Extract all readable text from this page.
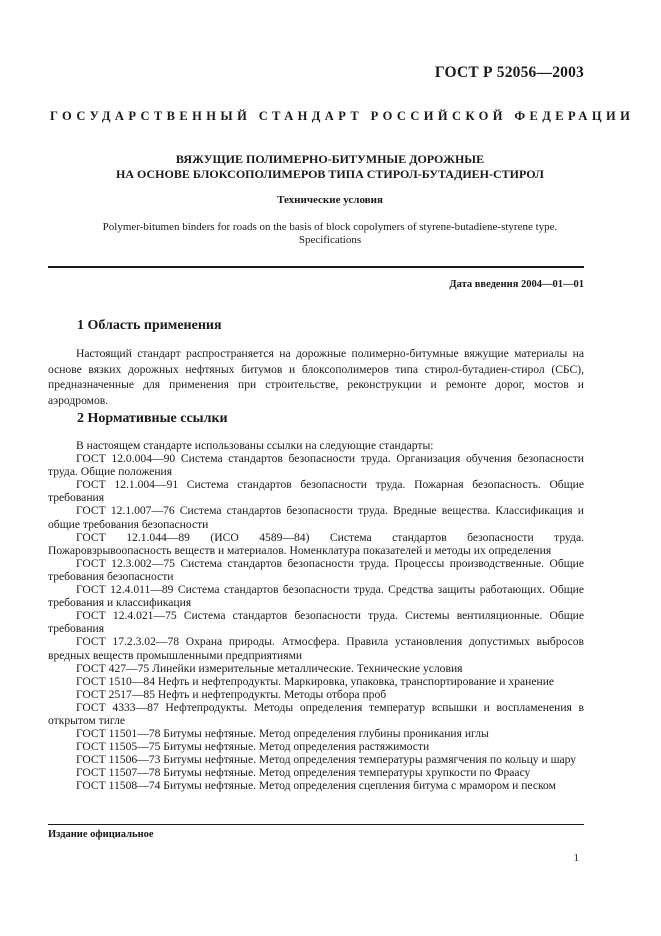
ГОСТ Р 52056—2003
ГОСУДАРСТВЕННЫЙ СТАНДАРТ РОССИЙСКОЙ ФЕДЕРАЦИИ
ВЯЖУЩИЕ ПОЛИМЕРНО-БИТУМНЫЕ ДОРОЖНЫЕ
НА ОСНОВЕ БЛОКСОПОЛИМЕРОВ ТИПА СТИРОЛ-БУТАДИЕН-СТИРОЛ
Технические условия
Polymer-bitumen binders for roads on the basis of block copolymers of styrene-butadiene-styrene type.
Specifications
Дата введения 2004—01—01
1 Область применения
Настоящий стандарт распространяется на дорожные полимерно-битумные вяжущие материалы на основе вязких дорожных нефтяных битумов и блоксополимеров типа стирол-бутадиен-стирол (СБС), предназначенные для применения при строительстве, реконструкции и ремонте дорог, мостов и аэродромов.
2 Нормативные ссылки

В настоящем стандарте использованы ссылки на следующие стандарты:

ГОСТ 12.0.004—90 Система стандартов безопасности труда. Организация обучения безопасности труда. Общие положения

ГОСТ 12.1.004—91 Система стандартов безопасности труда. Пожарная безопасность. Общие требования

ГОСТ 12.1.007—76 Система стандартов безопасности труда. Вредные вещества. Классификация и общие требования безопасности

ГОСТ 12.1.044—89 (ИСО 4589—84) Система стандартов безопасности труда. Пожаровзрывоопасность веществ и материалов. Номенклатура показателей и методы их определения

ГОСТ 12.3.002—75 Система стандартов безопасности труда. Процессы производственные. Общие требования безопасности

ГОСТ 12.4.011—89 Система стандартов безопасности труда. Средства защиты работающих. Общие требования и классификация

ГОСТ 12.4.021—75 Система стандартов безопасности труда. Системы вентиляционные. Общие требования

ГОСТ 17.2.3.02—78 Охрана природы. Атмосфера. Правила установления допустимых выбросов вредных веществ промышленными предприятиями

ГОСТ 427—75 Линейки измерительные металлические. Технические условия

ГОСТ 1510—84 Нефть и нефтепродукты. Маркировка, упаковка, транспортирование и хранение

ГОСТ 2517—85 Нефть и нефтепродукты. Методы отбора проб

ГОСТ 4333—87 Нефтепродукты. Методы определения температур вспышки и воспламенения в открытом тигле

ГОСТ 11501—78 Битумы нефтяные. Метод определения глубины проникания иглы

ГОСТ 11505—75 Битумы нефтяные. Метод определения растяжимости

ГОСТ 11506—73 Битумы нефтяные. Метод определения температуры размягчения по кольцу и шару

ГОСТ 11507—78 Битумы нефтяные. Метод определения температуры хрупкости по Фраасу

ГОСТ 11508—74 Битумы нефтяные. Метод определения сцепления битума с мрамором и песком

Издание официальное
1
